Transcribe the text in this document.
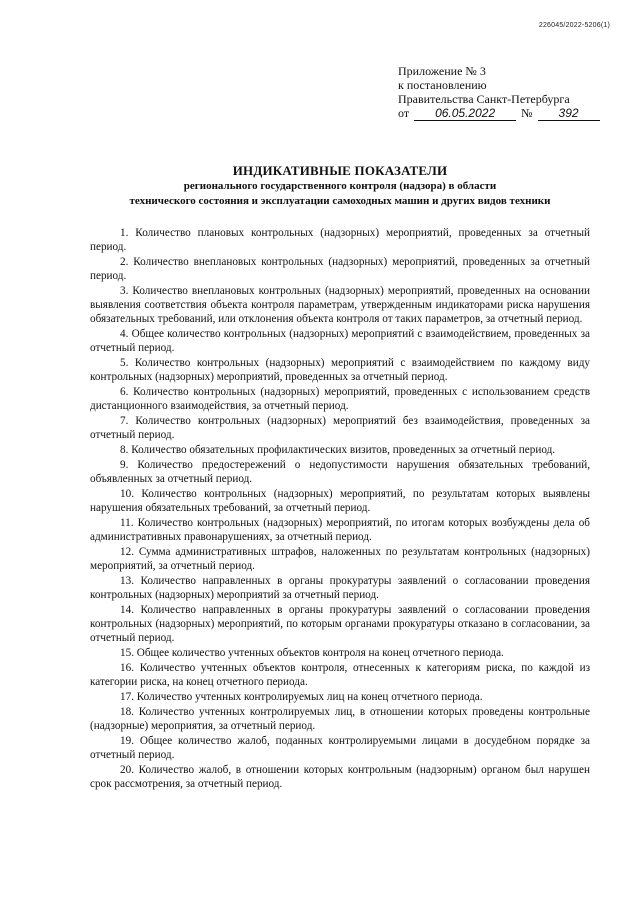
226045/2022-5206(1)
Приложение № 3
к постановлению
Правительства Санкт-Петербурга
от 06.05.2022 № 392
ИНДИКАТИВНЫЕ ПОКАЗАТЕЛИ
регионального государственного контроля (надзора) в области
технического состояния и эксплуатации самоходных машин и других видов техники

1. Количество плановых контрольных (надзорных) мероприятий, проведенных за отчетный период.

2. Количество внеплановых контрольных (надзорных) мероприятий, проведенных за отчетный период.

3. Количество внеплановых контрольных (надзорных) мероприятий, проведенных на основании выявления соответствия объекта контроля параметрам, утвержденным индикаторами риска нарушения обязательных требований, или отклонения объекта контроля от таких параметров, за отчетный период.

4. Общее количество контрольных (надзорных) мероприятий с взаимодействием, проведенных за отчетный период.

5. Количество контрольных (надзорных) мероприятий с взаимодействием по каждому виду контрольных (надзорных) мероприятий, проведенных за отчетный период.

6. Количество контрольных (надзорных) мероприятий, проведенных с использованием средств дистанционного взаимодействия, за отчетный период.

7. Количество контрольных (надзорных) мероприятий без взаимодействия, проведенных за отчетный период.

8. Количество обязательных профилактических визитов, проведенных за отчетный период.

9. Количество предостережений о недопустимости нарушения обязательных требований, объявленных за отчетный период.

10. Количество контрольных (надзорных) мероприятий, по результатам которых выявлены нарушения обязательных требований, за отчетный период.

11. Количество контрольных (надзорных) мероприятий, по итогам которых возбуждены дела об административных правонарушениях, за отчетный период.

12. Сумма административных штрафов, наложенных по результатам контрольных (надзорных) мероприятий, за отчетный период.

13. Количество направленных в органы прокуратуры заявлений о согласовании проведения контрольных (надзорных) мероприятий за отчетный период.

14. Количество направленных в органы прокуратуры заявлений о согласовании проведения контрольных (надзорных) мероприятий, по которым органами прокуратуры отказано в согласовании, за отчетный период.

15. Общее количество учтенных объектов контроля на конец отчетного периода.

16. Количество учтенных объектов контроля, отнесенных к категориям риска, по каждой из категории риска, на конец отчетного периода.

17. Количество учтенных контролируемых лиц на конец отчетного периода.

18. Количество учтенных контролируемых лиц, в отношении которых проведены контрольные (надзорные) мероприятия, за отчетный период.

19. Общее количество жалоб, поданных контролируемыми лицами в досудебном порядке за отчетный период.

20. Количество жалоб, в отношении которых контрольным (надзорным) органом был нарушен срок рассмотрения, за отчетный период.
